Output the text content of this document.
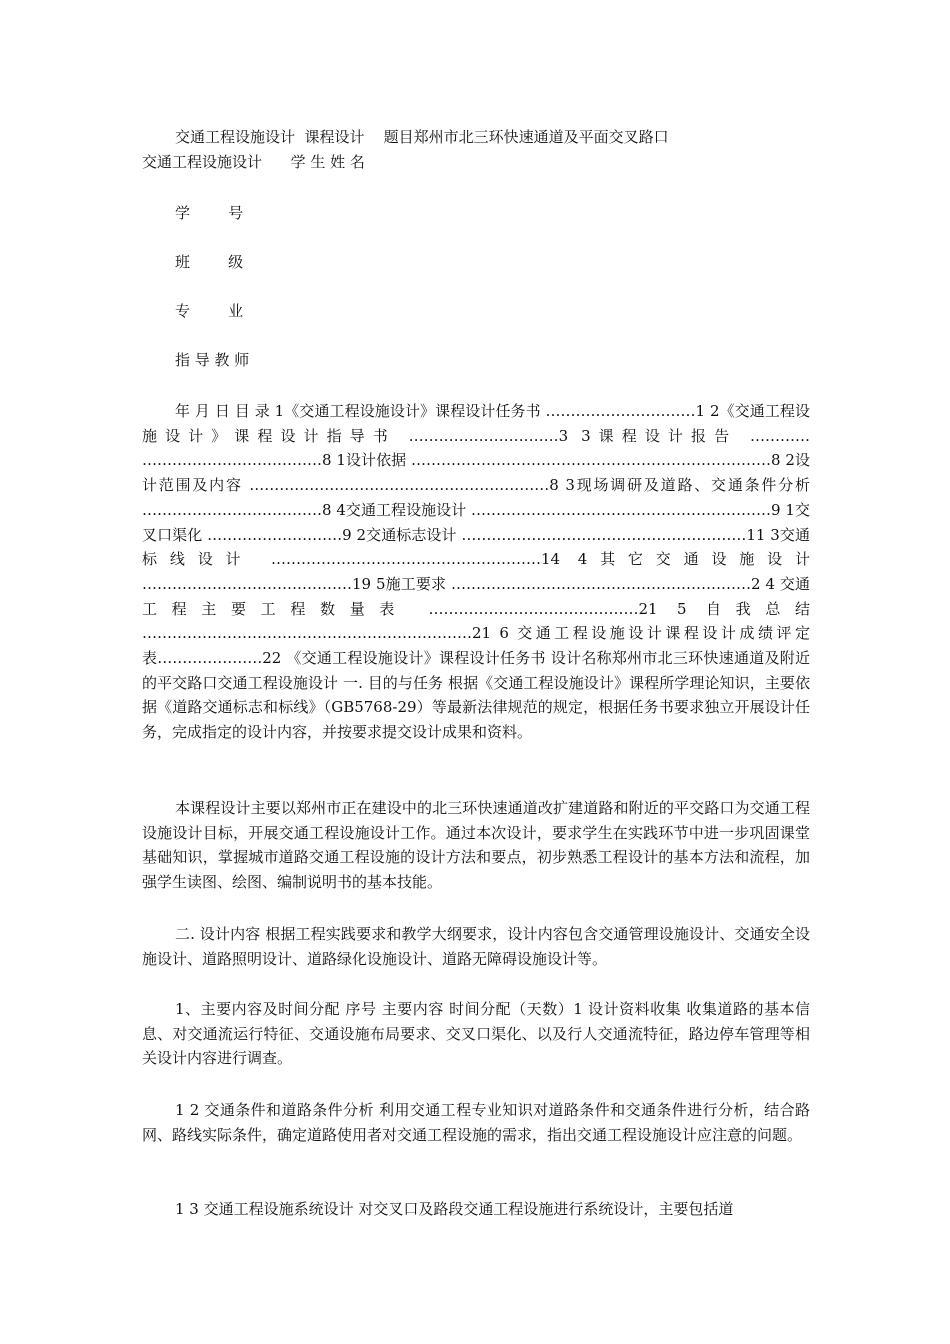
交通工程设施设计  课程设计    题目郑州市北三环快速通道及平面交叉路口
交通工程设施设计      学 生 姓 名
学        号
班        级
专        业
指 导 教 师
年 月 日 目 录 1《交通工程设施设计》课程设计任务书 …………………………1 2《交通工程设施设计》课程设计指导书 …………………………3 3课程设计报告 ………… ………………………………8 1设计依据 ………………………………………………………………8 2设计范围及内容 ……………………………………………………8 3现场调研及道路、交通条件分析 ………………………………8 4交通工程设施设计 ……………………………………………………9 1交叉口渠化 ………………………9 2交通标志设计 …………………………………………………11 3交通标线设计 ………………………………………………14 4其它交通设施设计 ……………………………………19 5施工要求 ……………………………………………………2 4 交通工程主要工程数量表 ……………………………………21 5 自我总结 …………………………………………………………21 6 交通工程设施设计课程设计成绩评定表…………………22 《交通工程设施设计》课程设计任务书 设计名称郑州市北三环快速通道及附近的平交路口交通工程设施设计 一. 目的与任务 根据《交通工程设施设计》课程所学理论知识，主要依据《道路交通标志和标线》（GB5768-29）等最新法律规范的规定，根据任务书要求独立开展设计任务，完成指定的设计内容，并按要求提交设计成果和资料。
本课程设计主要以郑州市正在建设中的北三环快速通道改扩建道路和附近的平交路口为交通工程设施设计目标，开展交通工程设施设计工作。通过本次设计，要求学生在实践环节中进一步巩固课堂基础知识，掌握城市道路交通工程设施的设计方法和要点，初步熟悉工程设计的基本方法和流程，加强学生读图、绘图、编制说明书的基本技能。
二. 设计内容 根据工程实践要求和教学大纲要求，设计内容包含交通管理设施设计、交通安全设施设计、道路照明设计、道路绿化设施设计、道路无障碍设施设计等。
1、主要内容及时间分配 序号 主要内容 时间分配（天数）1 设计资料收集 收集道路的基本信息、对交通流运行特征、交通设施布局要求、交叉口渠化、以及行人交通流特征，路边停车管理等相关设计内容进行调查。
1 2 交通条件和道路条件分析 利用交通工程专业知识对道路条件和交通条件进行分析，结合路网、路线实际条件，确定道路使用者对交通工程设施的需求，指出交通工程设施设计应注意的问题。
1 3 交通工程设施系统设计 对交叉口及路段交通工程设施进行系统设计，主要包括道
